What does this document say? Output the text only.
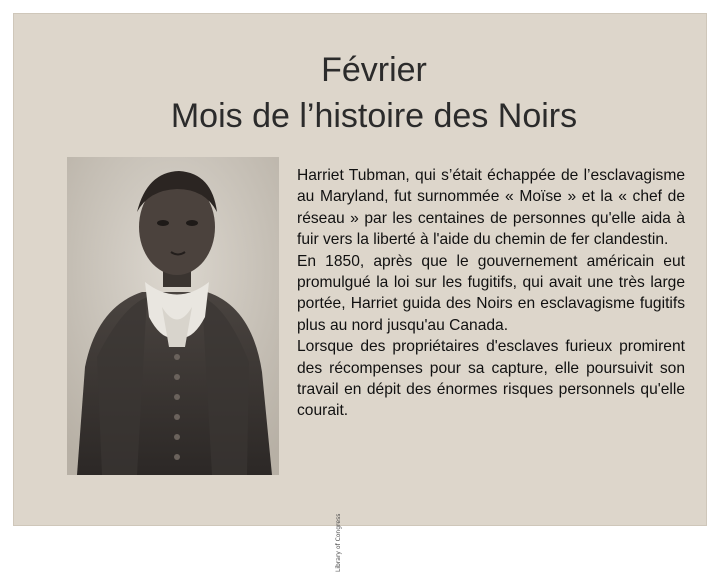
Février
Mois de l’histoire des Noirs
Library of Congress

Harriet Tubman, qui s’était échappée de l’esclavagisme au Maryland, fut surnommée « Moïse » et la « chef de réseau » par les centaines de personnes qu'elle aida à fuir vers la liberté à l'aide du chemin de fer clandestin.

En 1850, après que le gouvernement américain eut promulgué la loi sur les fugitifs, qui avait une très large portée, Harriet guida des Noirs en esclavagisme fugitifs plus au nord jusqu'au Canada.

Lorsque des propriétaires d'esclaves furieux promirent des récompenses pour sa capture, elle poursuivit son travail en dépit des énormes risques personnels qu'elle courait.
